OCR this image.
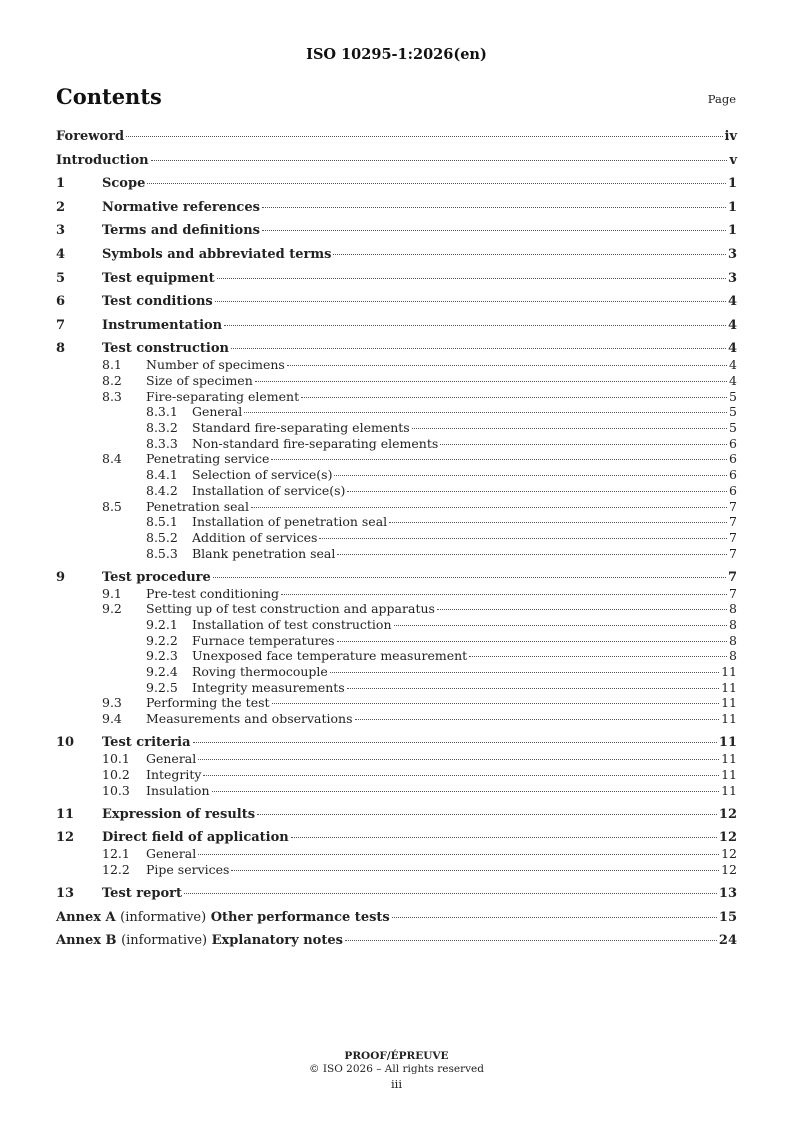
ISO 10295-1:2026(en)
Contents	Page
Foreword	iv
Introduction	v
1	Scope	1
2	Normative references	1
3	Terms and definitions	1
4	Symbols and abbreviated terms	3
5	Test equipment	3
6	Test conditions	4
7	Instrumentation	4
8	Test construction	4
8.1	Number of specimens	4
8.2	Size of specimen	4
8.3	Fire-separating element	5
8.3.1	General	5
8.3.2	Standard fire-separating elements	5
8.3.3	Non-standard fire-separating elements	6
8.4	Penetrating service	6
8.4.1	Selection of service(s)	6
8.4.2	Installation of service(s)	6
8.5	Penetration seal	7
8.5.1	Installation of penetration seal	7
8.5.2	Addition of services	7
8.5.3	Blank penetration seal	7
9	Test procedure	7
9.1	Pre-test conditioning	7
9.2	Setting up of test construction and apparatus	8
9.2.1	Installation of test construction	8
9.2.2	Furnace temperatures	8
9.2.3	Unexposed face temperature measurement	8
9.2.4	Roving thermocouple	11
9.2.5	Integrity measurements	11
9.3	Performing the test	11
9.4	Measurements and observations	11
10	Test criteria	11
10.1	General	11
10.2	Integrity	11
10.3	Insulation	11
11	Expression of results	12
12	Direct field of application	12
12.1	General	12
12.2	Pipe services	12
13	Test report	13
Annex A (informative) Other performance tests	15
Annex B (informative) Explanatory notes	24
PROOF/ÉPREUVE
© ISO 2026 – All rights reserved
iii
